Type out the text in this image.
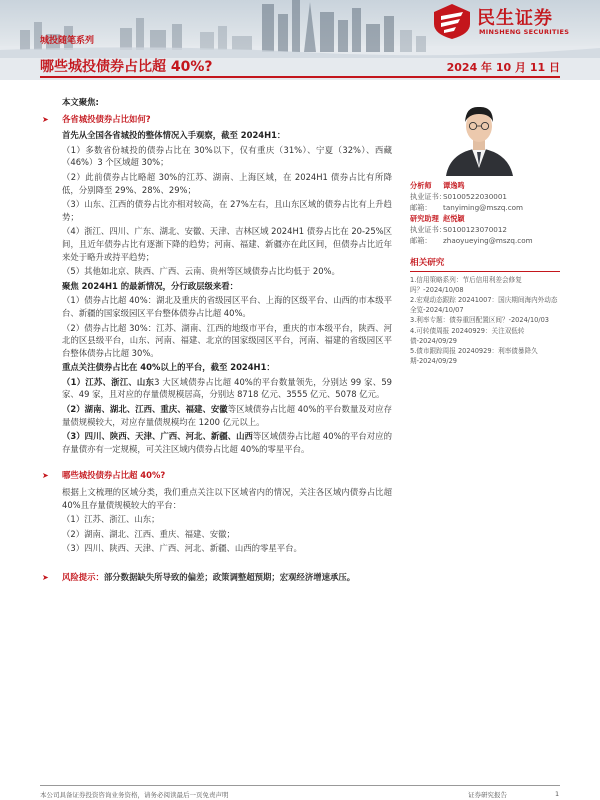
民生证券
MINSHENG SECURITIES
城投随笔系列
哪些城投债券占比超 40%?	2024 年 10 月 11 日
本文聚焦:
➤	各省城投债券占比如何?
首先从全国各省城投的整体情况入手观察，截至 2024H1：
（1）多数省份城投的债券占比在 30%以下，仅有重庆（31%）、宁夏（32%）、西藏（46%）3 个区域超 30%；
（2）此前债券占比略超 30%的江苏、湖南、上海区域，在 2024H1 债券占比有所降低，分别降至 29%、28%、29%；
（3）山东、江西的债券占比亦相对较高，在 27%左右，且山东区域的债券占比有上升趋势；
（4）浙江、四川、广东、湖北、安徽、天津、吉林区域 2024H1 债券占比在 20-25%区间，且近年债券占比有逐渐下降的趋势；河南、福建、新疆亦在此区间，但债券占比近年来处于略升或持平趋势；
（5）其他如北京、陕西、广西、云南、贵州等区域债券占比均低于 20%。
聚焦 2024H1 的最新情况，分行政层级来看：
（1）债券占比超 40%：湖北及重庆的省级园区平台、上海的区级平台、山西的市本级平台、新疆的国家级园区平台整体债券占比超 40%。
（2）债券占比超 30%：江苏、湖南、江西的地级市平台，重庆的市本级平台，陕西、河北的区县级平台，山东、河南、福建、北京的国家级园区平台，河南、福建的省级园区平台整体债券占比超 30%。
重点关注债券占比在 40%以上的平台，截至 2024H1：
（1）江苏、浙江、山东3 大区域债券占比超 40%的平台数量领先，分别达 99 家、59 家、49 家，且对应的存量债规模居高，分别达 8718 亿元、3555 亿元、5078 亿元。
（2）湖南、湖北、江西、重庆、福建、安徽等区域债券占比超 40%的平台数量及对应存量债规模较大，对应存量债规模均在 1200 亿元以上。
（3）四川、陕西、天津、广西、河北、新疆、山西等区域债券占比超 40%的平台对应的存量债亦有一定规模，可关注区域内债券占比超 40%的零星平台。
➤	哪些城投债券占比超 40%?
根据上文梳理的区域分类，我们重点关注以下区域省内的情况，关注各区域内债券占比超 40%且存量债规模较大的平台：
（1）江苏、浙江、山东；
（2）湖南、湖北、江西、重庆、福建、安徽；
（3）四川、陕西、天津、广西、河北、新疆、山西的零星平台。
➤	风险提示：部分数据缺失所导致的偏差；政策调整超预期；宏观经济增速承压。
分析师	谭逸鸣
执业证书：
S0100522030001
邮箱：	tanyiming@mszq.com
研究助理 赵悦颖
执业证书：
S0100123070012
邮箱：	zhaoyueying@mszq.com
相关研究
1.信用策略系列：节后信用利差会修复吗？-2024/10/08
2.宏观动态跟踪 20241007：国庆期间海内外动态全览-2024/10/07
3.利率专题：债券重回配置区间？-2024/10/03
4.可转债周报 20240929：关注双低转债-2024/09/29
5.债市跟踪周报 20240929：利率债暴降久期-2024/09/29
本公司具备证券投资咨询业务资格，请务必阅读最后一页免责声明	证券研究报告	1
